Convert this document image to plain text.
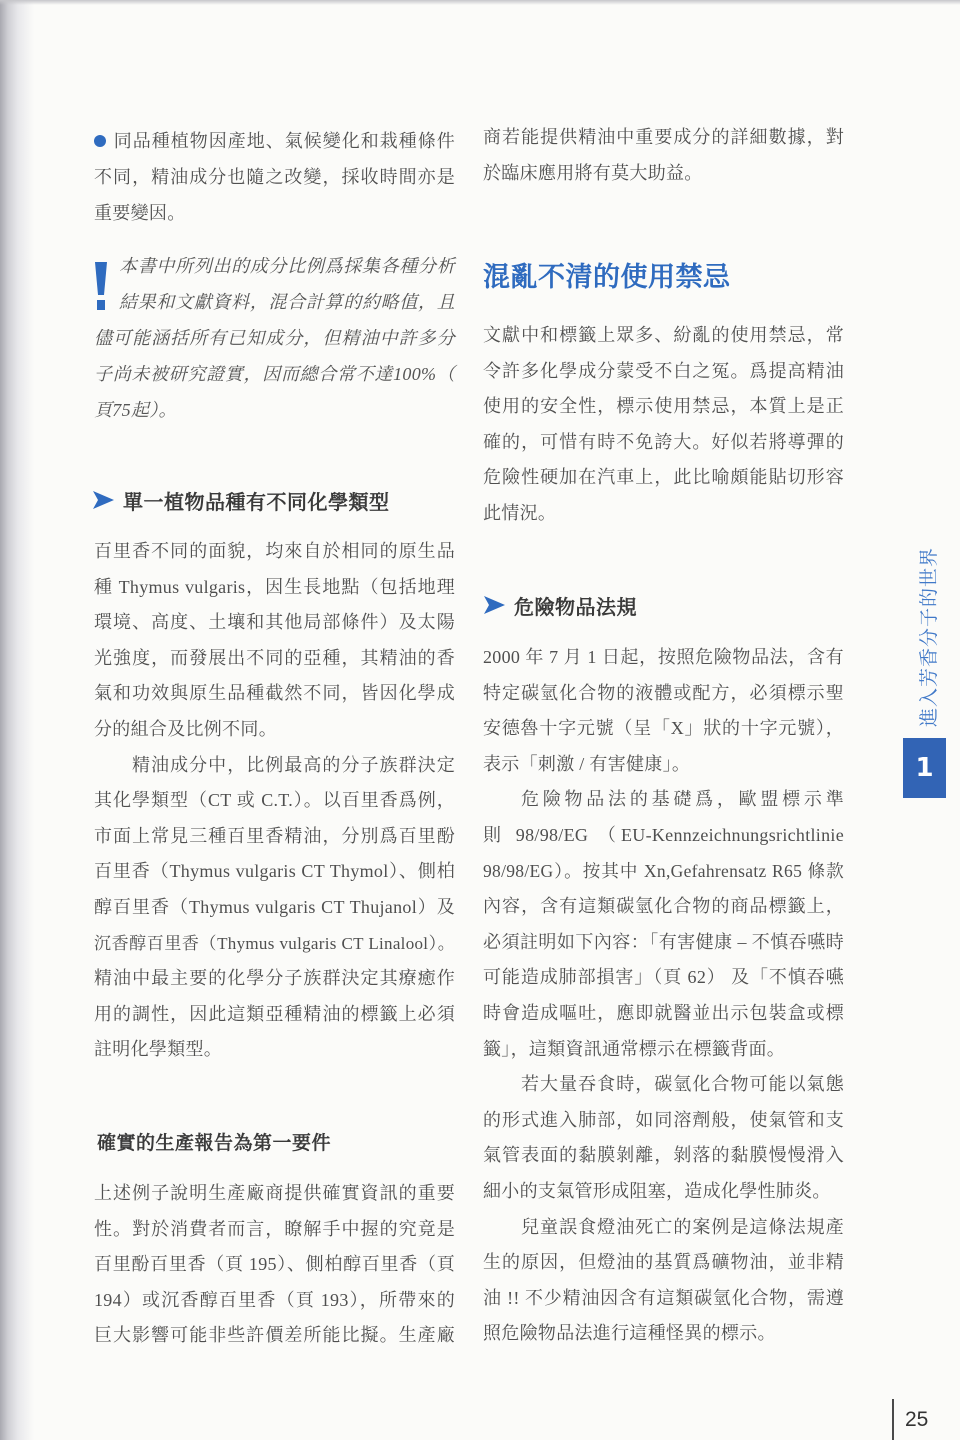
同品種植物因產地、氣候變化和栽種條件
不同，精油成分也隨之改變，採收時間亦是
重要變因。
本書中所列出的成分比例爲採集各種分析
結果和文獻資料，混合計算的約略值，且
儘可能涵括所有已知成分，但精油中許多分
子尚未被研究證實，因而總合常不達100%（
頁75起）。
單一植物品種有不同化學類型
百里香不同的面貌，均來自於相同的原生品
種 Thymus vulgaris，因生長地點（包括地理
環境、高度、土壤和其他局部條件）及太陽
光強度，而發展出不同的亞種，其精油的香
氣和功效與原生品種截然不同，皆因化學成
分的組合及比例不同。
精油成分中，比例最高的分子族群決定
其化學類型（CT 或 C.T.）。以百里香爲例，
市面上常見三種百里香精油，分別爲百里酚
百里香（Thymus vulgaris CT Thymol）、側柏
醇百里香（Thymus vulgaris CT Thujanol）及
沉香醇百里香（Thymus vulgaris CT Linalool）。
精油中最主要的化學分子族群決定其療癒作
用的調性，因此這類亞種精油的標籤上必須
註明化學類型。
確實的生產報告為第一要件
上述例子說明生產廠商提供確實資訊的重要
性。對於消費者而言，瞭解手中握的究竟是
百里酚百里香（頁 195）、側柏醇百里香（頁
194）或沉香醇百里香（頁 193），所帶來的
巨大影響可能非些許價差所能比擬。生產廠
商若能提供精油中重要成分的詳細數據，對
於臨床應用將有莫大助益。
混亂不清的使用禁忌
文獻中和標籤上眾多、紛亂的使用禁忌，常
令許多化學成分蒙受不白之冤。爲提高精油
使用的安全性，標示使用禁忌，本質上是正
確的，可惜有時不免誇大。好似若將導彈的
危險性硬加在汽車上，此比喻頗能貼切形容
此情況。
危險物品法規
2000 年 7 月 1 日起，按照危險物品法，含有
特定碳氫化合物的液體或配方，必須標示聖
安德魯十字元號（呈「X」狀的十字元號），
表示「刺激 / 有害健康」。
危險物品法的基礎爲，歐盟標示準
則 98/98/EG （EU-Kennzeichnungsrichtlinie
98/98/EG）。按其中 Xn,Gefahrensatz R65 條款
內容，含有這類碳氫化合物的商品標籤上，
必須註明如下內容：「有害健康 – 不慎吞嚥時
可能造成肺部損害」（頁 62） 及「不慎吞嚥
時會造成嘔吐，應即就醫並出示包裝盒或標
籤」，這類資訊通常標示在標籤背面。
若大量吞食時，碳氫化合物可能以氣態
的形式進入肺部，如同溶劑般，使氣管和支
氣管表面的黏膜剝離，剝落的黏膜慢慢滑入
細小的支氣管形成阻塞，造成化學性肺炎。
兒童誤食燈油死亡的案例是這條法規產
生的原因，但燈油的基質爲礦物油，並非精
油 !! 不少精油因含有這類碳氫化合物，需遵
照危險物品法進行這種怪異的標示。
進入芳香分子的世界
1
25
